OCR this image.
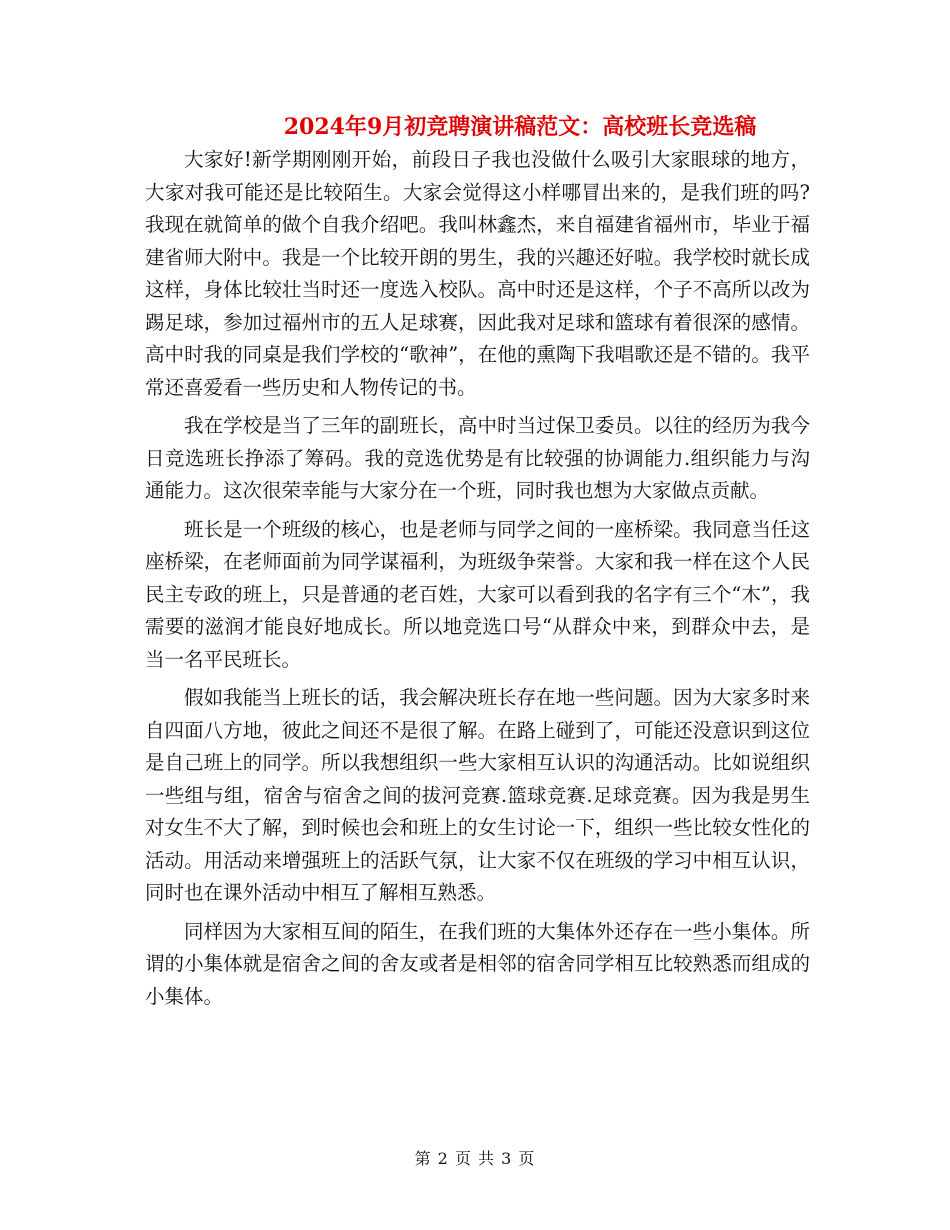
2024年9月初竞聘演讲稿范文：高校班长竞选稿

大家好!新学期刚刚开始，前段日子我也没做什么吸引大家眼球的地方，大家对我可能还是比较陌生。大家会觉得这小样哪冒出来的，是我们班的吗?我现在就简单的做个自我介绍吧。我叫林鑫杰，来自福建省福州市，毕业于福建省师大附中。我是一个比较开朗的男生，我的兴趣还好啦。我学校时就长成这样，身体比较壮当时还一度选入校队。高中时还是这样，个子不高所以改为踢足球，参加过福州市的五人足球赛，因此我对足球和篮球有着很深的感情。高中时我的同桌是我们学校的“歌神”，在他的熏陶下我唱歌还是不错的。我平常还喜爱看一些历史和人物传记的书。

我在学校是当了三年的副班长，高中时当过保卫委员。以往的经历为我今日竞选班长挣添了筹码。我的竞选优势是有比较强的协调能力.组织能力与沟通能力。这次很荣幸能与大家分在一个班，同时我也想为大家做点贡献。

班长是一个班级的核心，也是老师与同学之间的一座桥梁。我同意当任这座桥梁，在老师面前为同学谋福利，为班级争荣誉。大家和我一样在这个人民民主专政的班上，只是普通的老百姓，大家可以看到我的名字有三个“木”，我需要的滋润才能良好地成长。所以地竞选口号“从群众中来，到群众中去，是当一名平民班长。

假如我能当上班长的话，我会解决班长存在地一些问题。因为大家多时来自四面八方地，彼此之间还不是很了解。在路上碰到了，可能还没意识到这位是自己班上的同学。所以我想组织一些大家相互认识的沟通活动。比如说组织一些组与组，宿舍与宿舍之间的拔河竞赛.篮球竞赛.足球竞赛。因为我是男生对女生不大了解，到时候也会和班上的女生讨论一下，组织一些比较女性化的活动。用活动来增强班上的活跃气氛，让大家不仅在班级的学习中相互认识，同时也在课外活动中相互了解相互熟悉。

同样因为大家相互间的陌生，在我们班的大集体外还存在一些小集体。所谓的小集体就是宿舍之间的舍友或者是相邻的宿舍同学相互比较熟悉而组成的小集体。

第 2 页 共 3 页
